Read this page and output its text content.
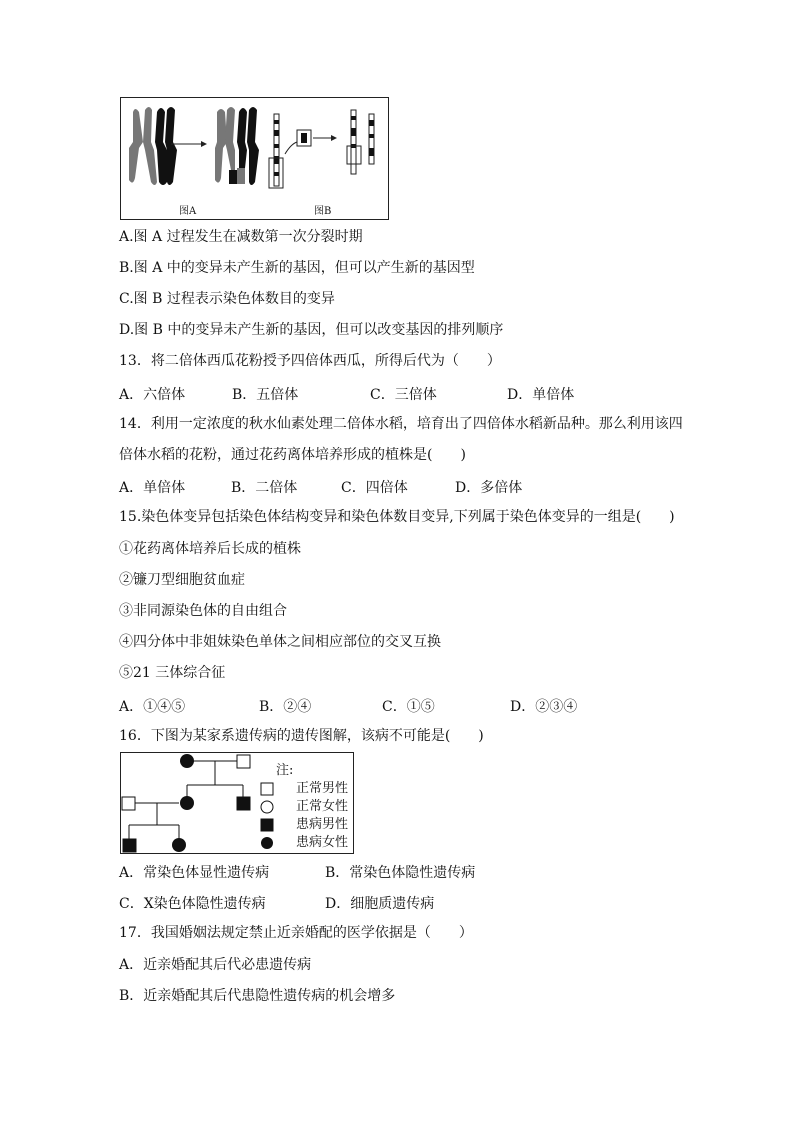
图A	图B
A.图 A 过程发生在减数第一次分裂时期
B.图 A 中的变异未产生新的基因，但可以产生新的基因型
C.图 B 过程表示染色体数目的变异
D.图 B 中的变异未产生新的基因，但可以改变基因的排列顺序
13．将二倍体西瓜花粉授予四倍体西瓜，所得后代为（　　）
A．六倍体	B．五倍体	C．三倍体	D．单倍体
14．利用一定浓度的秋水仙素处理二倍体水稻，培育出了四倍体水稻新品种。那么利用该四
倍体水稻的花粉，通过花药离体培养形成的植株是(　　)
A．单倍体	B．二倍体	C．四倍体	D．多倍体
15.染色体变异包括染色体结构变异和染色体数目变异,下列属于染色体变异的一组是(　　)
①花药离体培养后长成的植株
②镰刀型细胞贫血症
③非同源染色体的自由组合
④四分体中非姐妹染色单体之间相应部位的交叉互换
⑤21 三体综合征
A．①④⑤	B．②④	C．①⑤	D．②③④
16．下图为某家系遗传病的遗传图解，该病不可能是(　　)
注:
正常男性
正常女性
患病男性
患病女性
A．常染色体显性遗传病	B．常染色体隐性遗传病
C．X染色体隐性遗传病	D．细胞质遗传病
17．我国婚姻法规定禁止近亲婚配的医学依据是（　　）
A．近亲婚配其后代必患遗传病
B．近亲婚配其后代患隐性遗传病的机会增多
